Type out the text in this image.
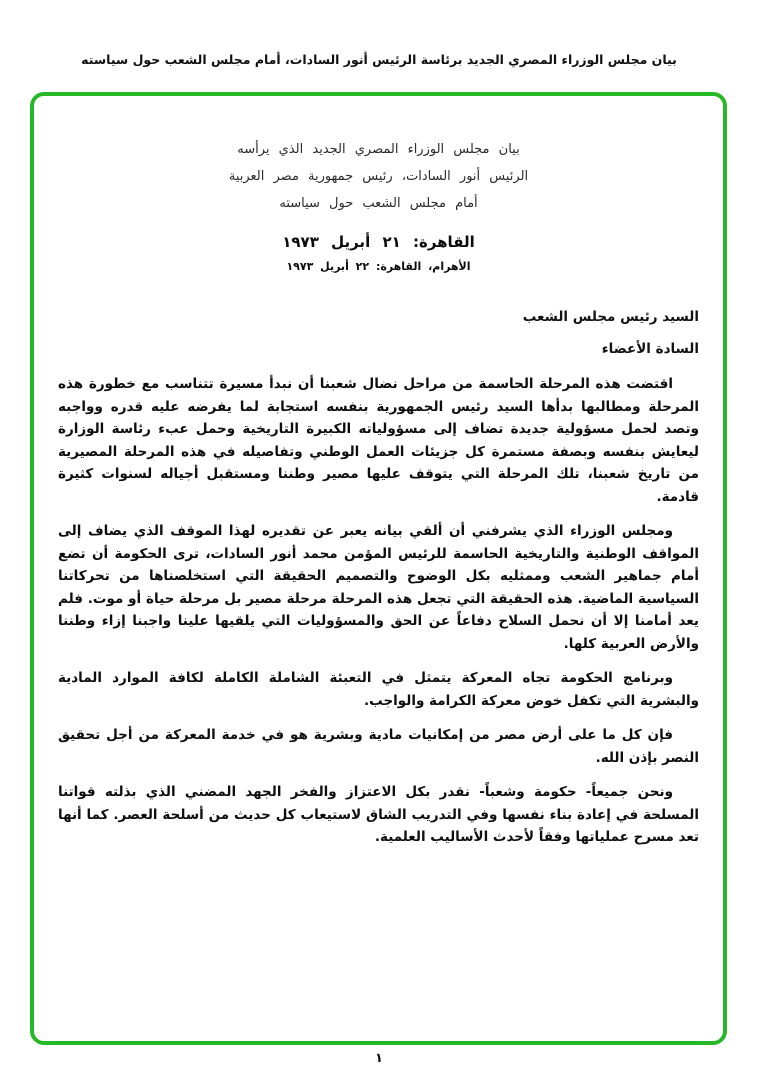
بيان مجلس الوزراء المصري الجديد برئاسة الرئيس أنور السادات، أمام مجلس الشعب حول سياسته
بيان مجلس الوزراء المصري الجديد الذي يرأسه
الرئيس أنور السادات، رئيس جمهورية مصر العربية
أمام مجلس الشعب حول سياسته
القاهرة: ٢١ أبريل ١٩٧٣
الأهرام، القاهرة: ٢٢ أبريل ١٩٧٣
السيد رئيس مجلس الشعب
السادة الأعضاء

اقتضت هذه المرحلة الحاسمة من مراحل نضال شعبنا أن نبدأ مسيرة تتناسب مع خطورة هذه المرحلة ومطالبها بدأها السيد رئيس الجمهورية بنفسه استجابة لما يفرضه عليه قدره وواجبه وتصد لحمل مسؤولية جديدة تضاف إلى مسؤولياته الكبيرة التاريخية وحمل عبء رئاسة الوزارة ليعايش بنفسه وبصفة مستمرة كل جزيئات العمل الوطني وتفاصيله في هذه المرحلة المصيرية من تاريخ شعبنا، تلك المرحلة التي يتوقف عليها مصير وطننا ومستقبل أجياله لسنوات كثيرة قادمة.

ومجلس الوزراء الذي يشرفني أن ألقي بيانه يعبر عن تقديره لهذا الموقف الذي يضاف إلى المواقف الوطنية والتاريخية الحاسمة للرئيس المؤمن محمد أنور السادات، ترى الحكومة أن تضع أمام جماهير الشعب وممثليه بكل الوضوح والتصميم الحقيقة التي استخلصناها من تحركاتنا السياسية الماضية. هذه الحقيقة التي تجعل هذه المرحلة مرحلة مصير بل مرحلة حياة أو موت. فلم يعد أمامنا إلا أن نحمل السلاح دفاعاً عن الحق والمسؤوليات التي يلقيها علينا واجبنا إزاء وطننا والأرض العربية كلها.

وبرنامج الحكومة تجاه المعركة يتمثل في التعبئة الشاملة الكاملة لكافة الموارد المادية والبشرية التي تكفل خوض معركة الكرامة والواجب.

فإن كل ما على أرض مصر من إمكانيات مادية وبشرية هو في خدمة المعركة من أجل تحقيق النصر بإذن الله.

ونحن جميعاً- حكومة وشعباً- نقدر بكل الاعتزاز والفخر الجهد المضني الذي بذلته قواتنا المسلحة في إعادة بناء نفسها وفي التدريب الشاق لاستيعاب كل حديث من أسلحة العصر. كما أنها تعد مسرح عملياتها وفقاً لأحدث الأساليب العلمية.

١
